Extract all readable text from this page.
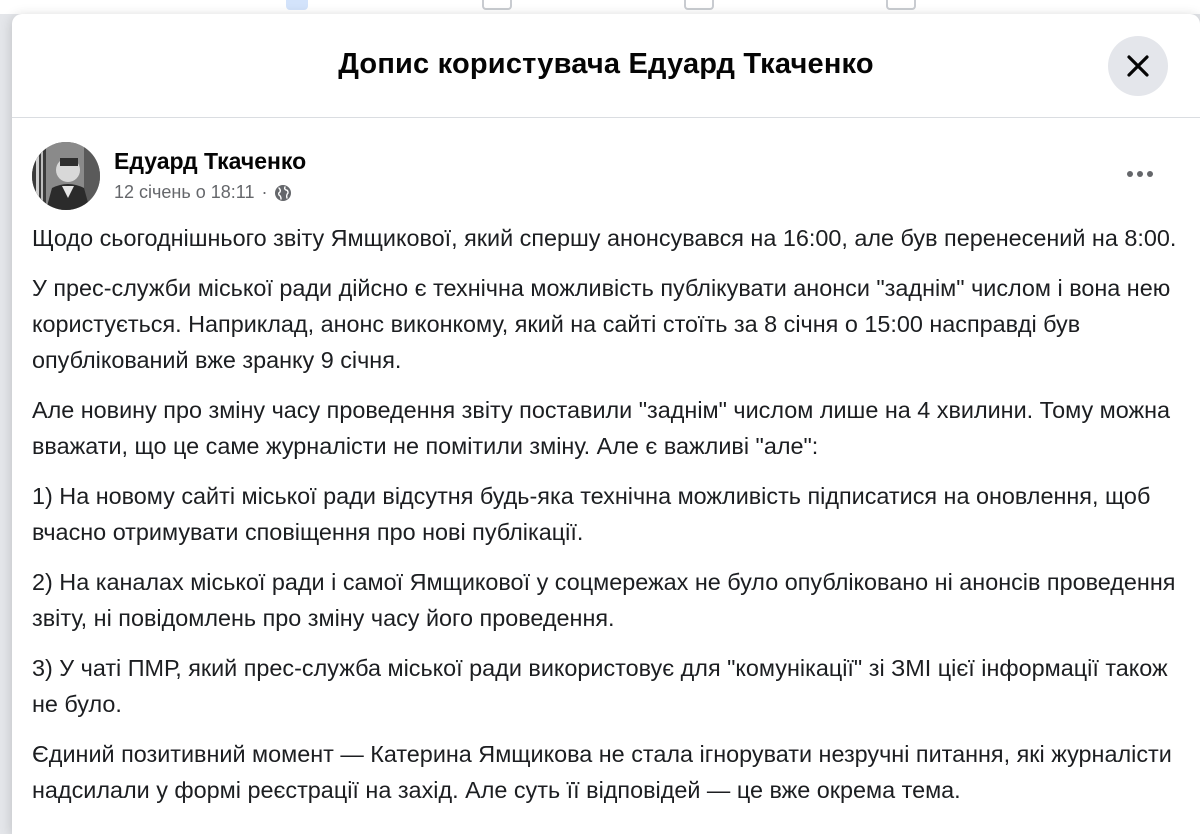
Допис користувача Едуард Ткаченко
Едуард Ткаченко
12 січень о 18:11 ·

Щодо сьогоднішнього звіту Ямщикової, який спершу анонсувався на 16:00, але був перенесений на 8:00.

У прес-служби міської ради дійсно є технічна можливість публікувати анонси "заднім" числом і вона нею користується. Наприклад, анонс виконкому, який на сайті стоїть за 8 січня о 15:00 насправді був опублікований вже зранку 9 січня.

Але новину про зміну часу проведення звіту поставили "заднім" числом лише на 4 хвилини. Тому можна вважати, що це саме журналісти не помітили зміну. Але є важливі "але":

1) На новому сайті міської ради відсутня будь-яка технічна можливість підписатися на оновлення, щоб вчасно отримувати сповіщення про нові публікації.

2) На каналах міської ради і самої Ямщикової у соцмережах не було опубліковано ні анонсів проведення звіту, ні повідомлень про зміну часу його проведення.

3) У чаті ПМР, який прес-служба міської ради використовує для "комунікації" зі ЗМІ цієї інформації також не було.

Єдиний позитивний момент — Катерина Ямщикова не стала ігнорувати незручні питання, які журналісти надсилали у формі реєстрації на захід. Але суть її відповідей — це вже окрема тема.
